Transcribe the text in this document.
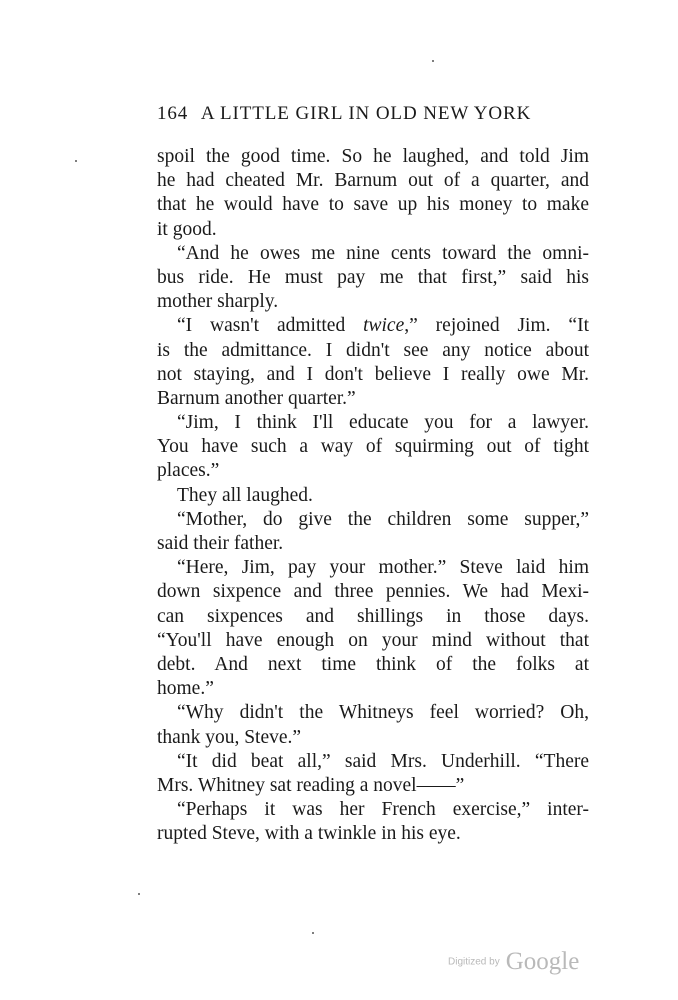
164 A LITTLE GIRL IN OLD NEW YORK
spoil the good time. So he laughed, and told Jim
he had cheated Mr. Barnum out of a quarter, and
that he would have to save up his money to make
it good.
“And he owes me nine cents toward the omni-
bus ride. He must pay me that first,” said his
mother sharply.
“I wasn't admitted twice,” rejoined Jim. “It
is the admittance. I didn't see any notice about
not staying, and I don't believe I really owe Mr.
Barnum another quarter.”
“Jim, I think I'll educate you for a lawyer.
You have such a way of squirming out of tight
places.”
They all laughed.
“Mother, do give the children some supper,”
said their father.
“Here, Jim, pay your mother.” Steve laid him
down sixpence and three pennies. We had Mexi-
can sixpences and shillings in those days.
“You'll have enough on your mind without that
debt. And next time think of the folks at
home.”
“Why didn't the Whitneys feel worried? Oh,
thank you, Steve.”
“It did beat all,” said Mrs. Underhill. “There
Mrs. Whitney sat reading a novel——”
“Perhaps it was her French exercise,” inter-
rupted Steve, with a twinkle in his eye.
Digitized by Google
